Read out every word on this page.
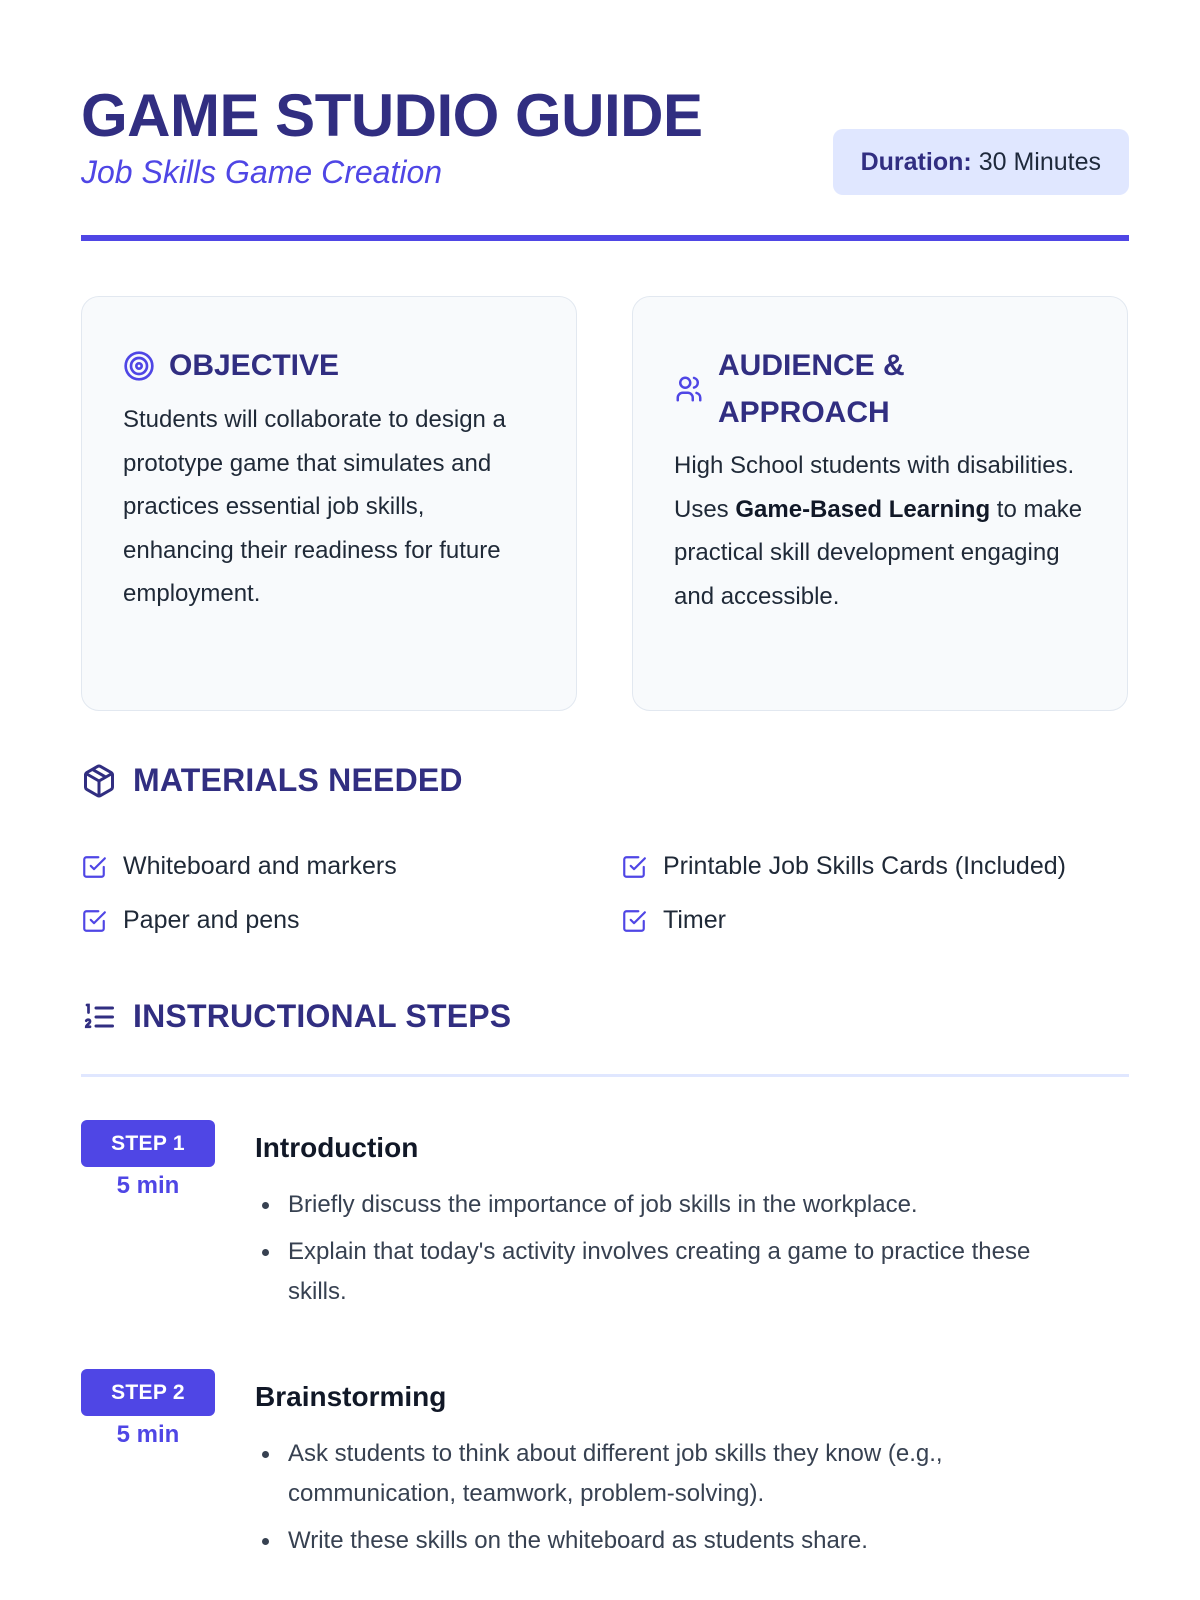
GAME STUDIO GUIDE
Job Skills Game Creation	Duration: 30 Minutes
OBJECTIVE
Students will collaborate to design a prototype game that simulates and practices essential job skills, enhancing their readiness for future employment.
AUDIENCE &
APPROACH
High School students with disabilities. Uses Game-Based Learning to make practical skill development engaging and accessible.
MATERIALS NEEDED
Whiteboard and markers	Printable Job Skills Cards (Included)
Paper and pens	Timer
INSTRUCTIONAL STEPS
STEP 1
5 min
Introduction
Briefly discuss the importance of job skills in the workplace.
Explain that today's activity involves creating a game to practice these skills.
STEP 2
5 min
Brainstorming
Ask students to think about different job skills they know (e.g., communication, teamwork, problem-solving).
Write these skills on the whiteboard as students share.
